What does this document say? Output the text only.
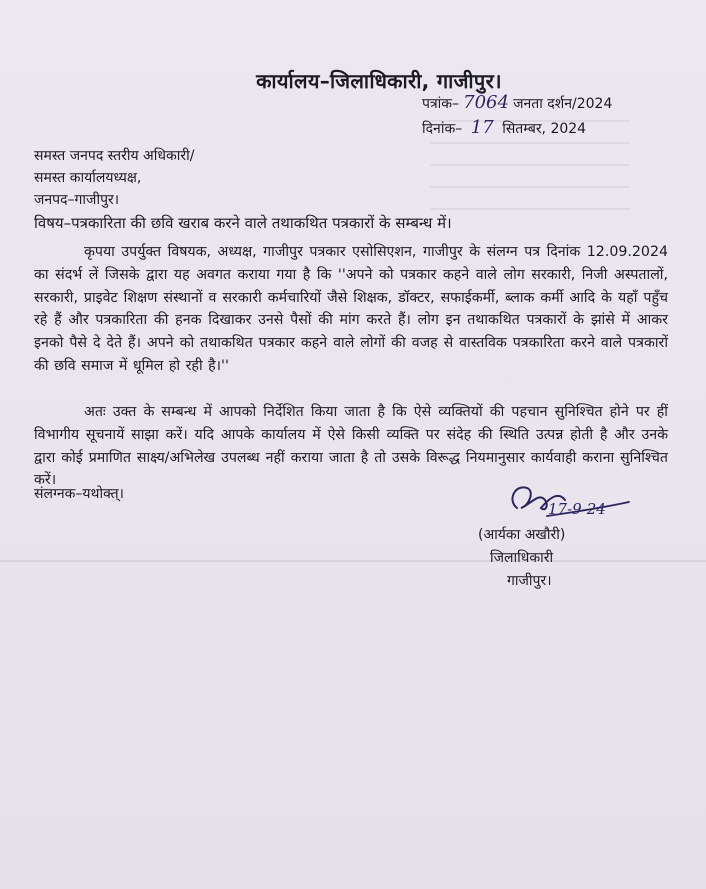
कार्यालय–जिलाधिकारी, गाजीपुर।
पत्रांक– 7064 जनता दर्शन/2024
दिनांक– 17 सितम्बर, 2024
समस्त जनपद स्तरीय अधिकारी/
समस्त कार्यालयध्यक्ष,
जनपद–गाजीपुर।
विषय–पत्रकारिता की छवि खराब करने वाले तथाकथित पत्रकारों के सम्बन्ध में।
कृपया उपर्युक्त विषयक, अध्यक्ष, गाजीपुर पत्रकार एसोसिएशन, गाजीपुर के संलग्न पत्र दिनांक 12.09.2024 का संदर्भ लें जिसके द्वारा यह अवगत कराया गया है कि ''अपने को पत्रकार कहने वाले लोग सरकारी, निजी अस्पतालों, सरकारी, प्राइवेट शिक्षण संस्थानों व सरकारी कर्मचारियों जैसे शिक्षक, डॉक्टर, सफाईकर्मी, ब्लाक कर्मी आदि के यहाँ पहुँच रहे हैं और पत्रकारिता की हनक दिखाकर उनसे पैसों की मांग करते हैं। लोग इन तथाकथित पत्रकारों के झांसे में आकर इनको पैसे दे देते हैं। अपने को तथाकथित पत्रकार कहने वाले लोगों की वजह से वास्तविक पत्रकारिता करने वाले पत्रकारों की छवि समाज में धूमिल हो रही है।''
अतः उक्त के सम्बन्ध में आपको निर्देशित किया जाता है कि ऐसे व्यक्तियों की पहचान सुनिश्चित होने पर हीं विभागीय सूचनायें साझा करें। यदि आपके कार्यालय में ऐसे किसी व्यक्ति पर संदेह की स्थिति उत्पन्न होती है और उनके द्वारा कोई प्रमाणित साक्ष्य/अभिलेख उपलब्ध नहीं कराया जाता है तो उसके विरूद्ध नियमानुसार कार्यवाही कराना सुनिश्चित करें।
संलग्नक–यथोक्त्।
17-9-24
(आर्यका अखौरी)
जिलाधिकारी
गाजीपुर।
